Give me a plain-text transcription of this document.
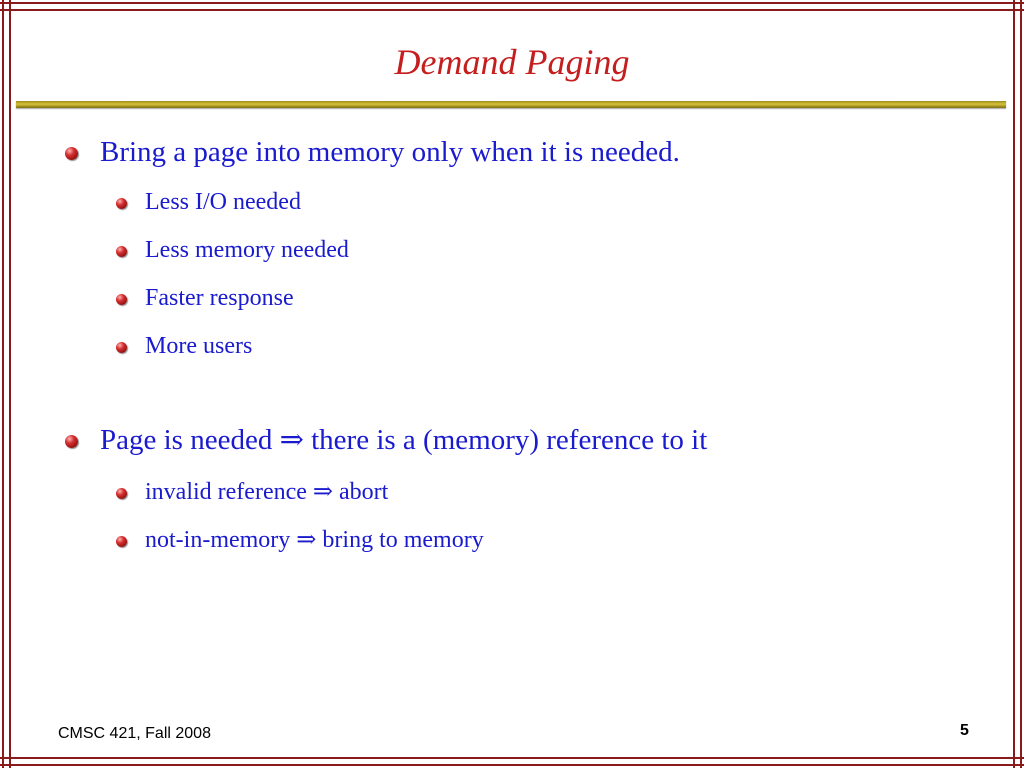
Demand Paging
Bring a page into memory only when it is needed.
Less I/O needed
Less memory needed
Faster response
More users
Page is needed ⇒ there is a (memory) reference to it
invalid reference ⇒ abort
not-in-memory ⇒ bring to memory
CMSC 421, Fall 2008	5
